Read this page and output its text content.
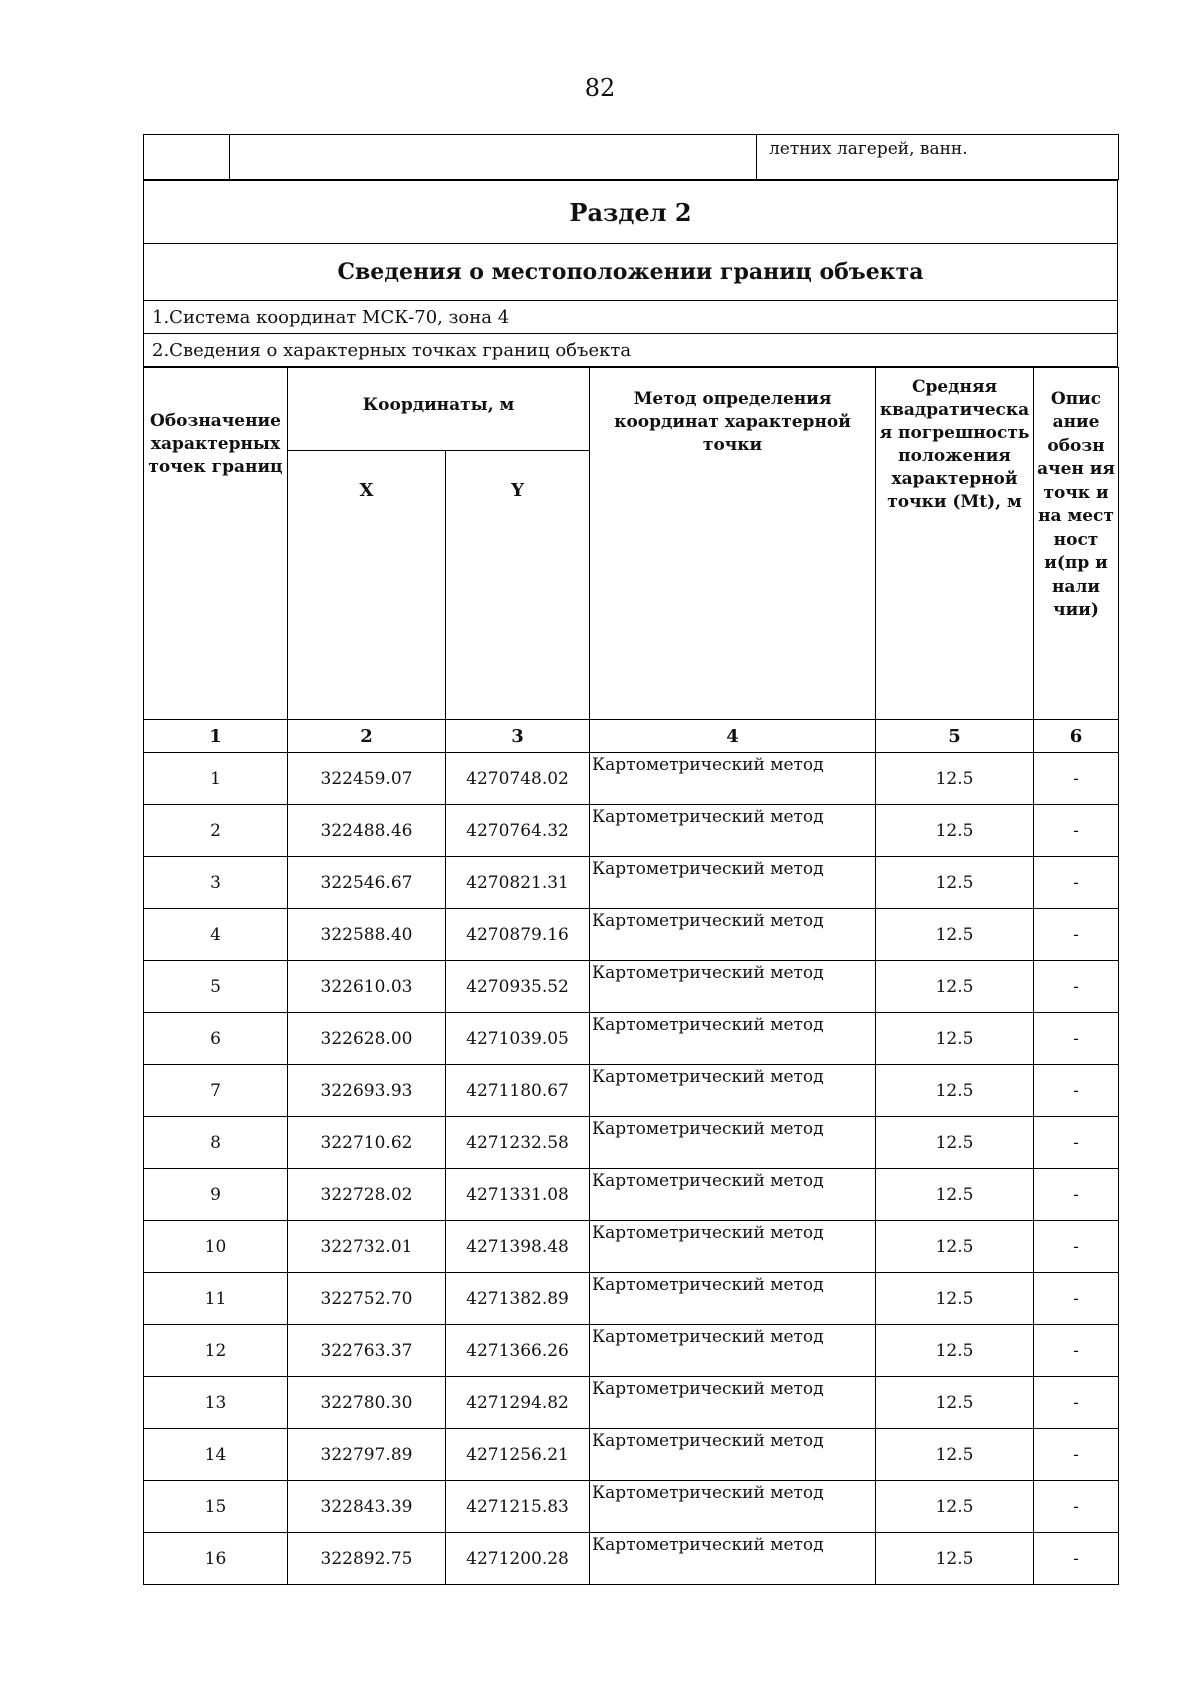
82

летних лагерей, ванн.
Раздел 2
Сведения о местоположении границ объекта
1.Система координат МСК-70, зона 4
2.Сведения о характерных точках границ объекта
Обозначение характерных точек границ	Координаты, м		Метод определения координат характерной точки	Средняя квадратическа я погрешность положения характерной точки (Mt), м	Опис ание обозн ачен ия точк и на мест ност и(пр и нали чии)
	X	Y			
1	2	3	4	5	6
1	322459.07	4270748.02	Картометрический метод	12.5	-
2	322488.46	4270764.32	Картометрический метод	12.5	-
3	322546.67	4270821.31	Картометрический метод	12.5	-
4	322588.40	4270879.16	Картометрический метод	12.5	-
5	322610.03	4270935.52	Картометрический метод	12.5	-
6	322628.00	4271039.05	Картометрический метод	12.5	-
7	322693.93	4271180.67	Картометрический метод	12.5	-
8	322710.62	4271232.58	Картометрический метод	12.5	-
9	322728.02	4271331.08	Картометрический метод	12.5	-
10	322732.01	4271398.48	Картометрический метод	12.5	-
11	322752.70	4271382.89	Картометрический метод	12.5	-
12	322763.37	4271366.26	Картометрический метод	12.5	-
13	322780.30	4271294.82	Картометрический метод	12.5	-
14	322797.89	4271256.21	Картометрический метод	12.5	-
15	322843.39	4271215.83	Картометрический метод	12.5	-
16	322892.75	4271200.28	Картометрический метод	12.5	-
